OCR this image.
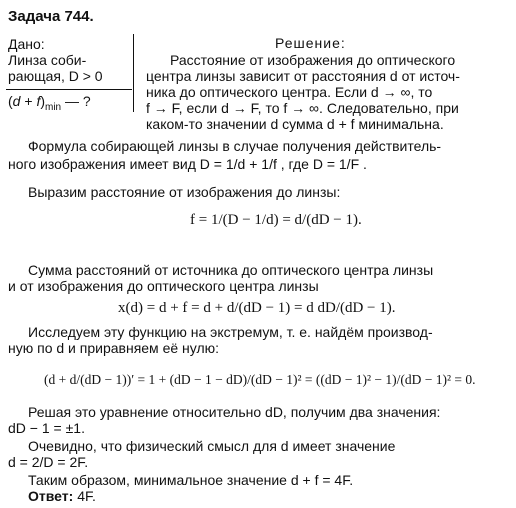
Задача 744.
Дано:
Линза соби-
рающая, D > 0
$(d + f)_{min}$ — ?
Решение:
Расстояние от изображения до оптического
центра линзы зависит от расстояния d от источ-
ника до оптического центра. Если d → ∞, то
f → F, если d → F, то f → ∞. Следовательно, при
каком-то значении d сумма d + f минимальна.
Формула собирающей линзы в случае получения действитель-
ного изображения имеет вид D = 1/d + 1/f , где D = 1/F .
Выразим расстояние от изображения до линзы:
f = 1/(D − 1/d) = d/(dD − 1).
Сумма расстояний от источника до оптического центра линзы
и от изображения до оптического центра линзы
x(d) = d + f = d + d/(dD − 1) = d dD/(dD − 1).
Исследуем эту функцию на экстремум, т. е. найдём производ-
ную по d и приравняем её нулю:
(d + d/(dD − 1))′ = 1 + (dD − 1 − dD)/(dD − 1)² = ((dD − 1)² − 1)/(dD − 1)² = 0.
Решая это уравнение относительно dD, получим два значения:
dD − 1 = ±1.
Очевидно, что физический смысл для d имеет значение
d = 2/D = 2F.
Таким образом, минимальное значение d + f = 4F.
Ответ: 4F.
